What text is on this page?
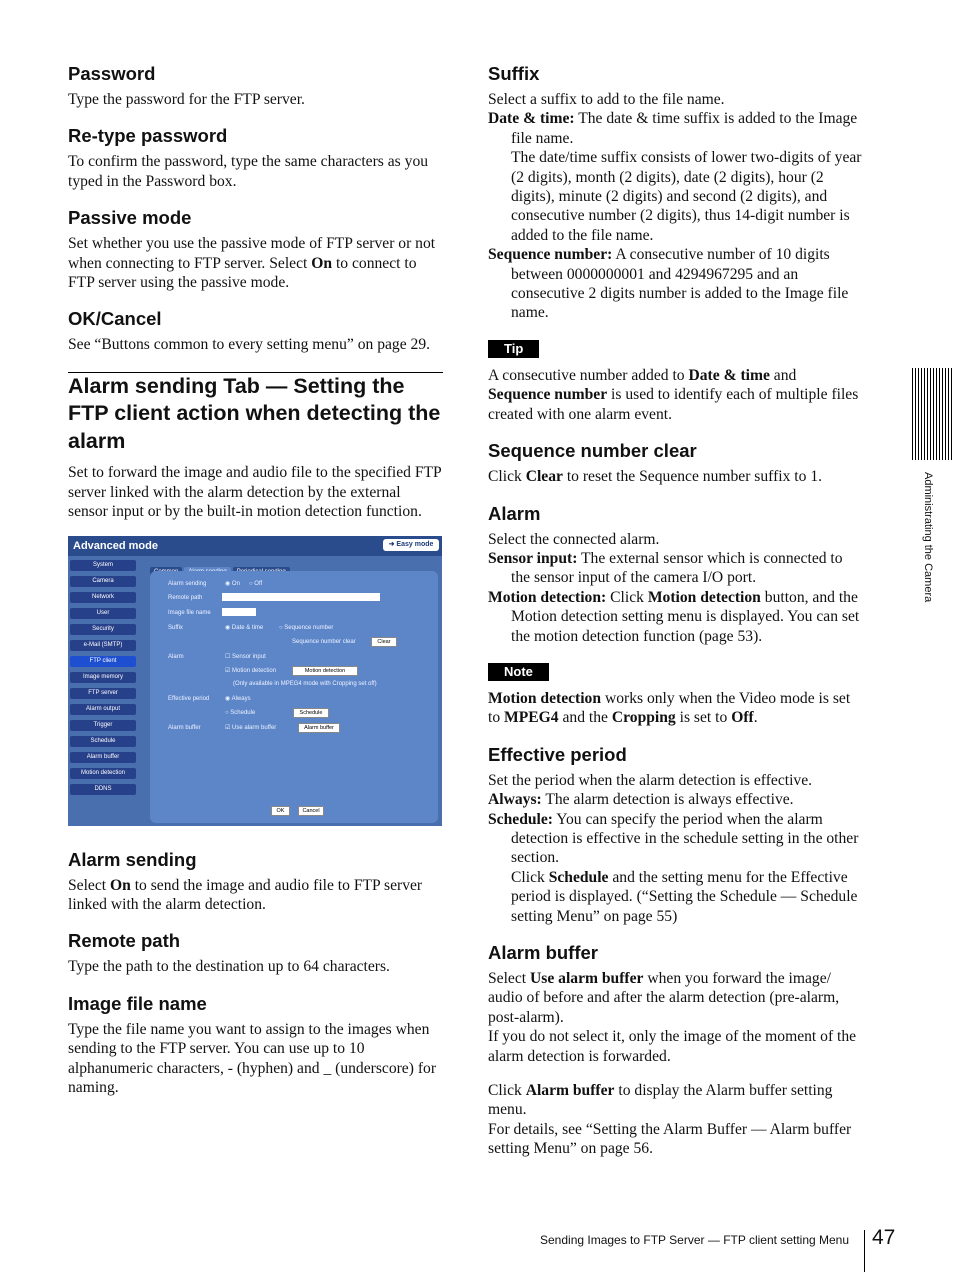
Password

Type the password for the FTP server.

Re-type password

To confirm the password, type the same characters as you typed in the Password box.

Passive mode

Set whether you use the passive mode of FTP server or not when connecting to FTP server. Select On to connect to FTP server using the passive mode.

OK/Cancel

See “Buttons common to every setting menu” on page 29.

Alarm sending Tab — Setting the FTP client action when detecting the alarm

Set to forward the image and audio file to the specified FTP server linked with the alarm detection by the external sensor input or by the built-in motion detection function.

Advanced mode	➜ Easy mode
System
Camera
Network
User
Security
e-Mail (SMTP)
FTP client
Image memory
FTP server
Alarm output
Trigger
Schedule
Alarm buffer
Motion detection
DDNS
Alarm sending	◉ On ○ Off
Remote path
Image file name
Suffix	◉ Date & time	○ Sequence number
Sequence number clear	Clear
Alarm	☐ Sensor input
☑ Motion detection	Motion detection
(Only available in MPEG4 mode with Cropping set off)
Effective period	◉ Always
○ Schedule	Schedule
Alarm buffer	☑ Use alarm buffer	Alarm buffer
OK	Cancel
Alarm sending

Select On to send the image and audio file to FTP server linked with the alarm detection.

Remote path

Type the path to the destination up to 64 characters.

Image file name

Type the file name you want to assign to the images when sending to the FTP server. You can use up to 10 alphanumeric characters, - (hyphen) and _ (underscore) for naming.

Suffix

Select a suffix to add to the file name.

Date & time: The date & time suffix is added to the Image file name.

The date/time suffix consists of lower two-digits of year (2 digits), month (2 digits), date (2 digits), hour (2 digits), minute (2 digits) and second (2 digits), and consecutive number (2 digits), thus 14-digit number is added to the file name.

Sequence number: A consecutive number of 10 digits between 0000000001 and 4294967295 and an consecutive 2 digits number is added to the Image file name.

Tip

A consecutive number added to Date & time and Sequence number is used to identify each of multiple files created with one alarm event.

Sequence number clear

Click Clear to reset the Sequence number suffix to 1.

Alarm

Select the connected alarm.

Sensor input: The external sensor which is connected to the sensor input of the camera I/O port.

Motion detection: Click Motion detection button, and the Motion detection setting menu is displayed. You can set the motion detection function (page 53).

Note

Motion detection works only when the Video mode is set to MPEG4 and the Cropping is set to Off.

Effective period

Set the period when the alarm detection is effective.

Always: The alarm detection is always effective.

Schedule: You can specify the period when the alarm detection is effective in the schedule setting in the other section.

Click Schedule and the setting menu for the Effective period is displayed. (“Setting the Schedule — Schedule setting Menu” on page 55)

Alarm buffer

Select Use alarm buffer when you forward the image/ audio of before and after the alarm detection (pre-alarm, post-alarm).

If you do not select it, only the image of the moment of the alarm detection is forwarded.

Click Alarm buffer to display the Alarm buffer setting menu.

For details, see “Setting the Alarm Buffer — Alarm buffer setting Menu” on page 56.

Administrating the Camera
Sending Images to FTP Server — FTP client setting Menu 47
